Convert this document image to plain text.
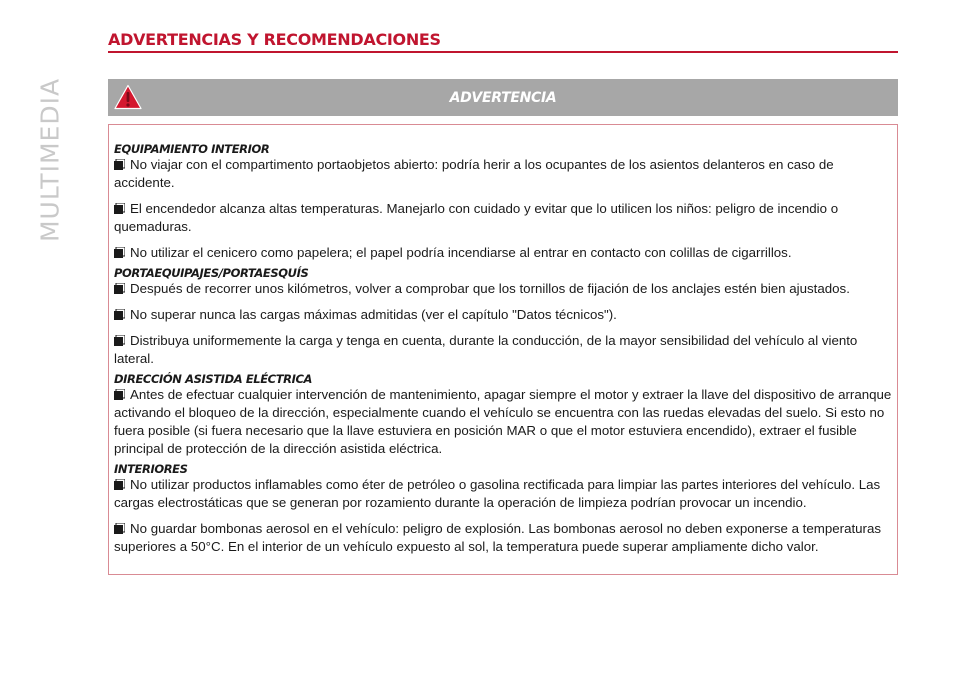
MULTIMEDIA
ADVERTENCIAS Y RECOMENDACIONES
ADVERTENCIA
EQUIPAMIENTO INTERIOR

No viajar con el compartimento portaobjetos abierto: podría herir a los ocupantes de los asientos delanteros en caso de accidente.

El encendedor alcanza altas temperaturas. Manejarlo con cuidado y evitar que lo utilicen los niños: peligro de incendio o quemaduras.

No utilizar el cenicero como papelera; el papel podría incendiarse al entrar en contacto con colillas de cigarrillos.

PORTAEQUIPAJES/PORTAESQUÍS

Después de recorrer unos kilómetros, volver a comprobar que los tornillos de fijación de los anclajes estén bien ajustados.

No superar nunca las cargas máximas admitidas (ver el capítulo "Datos técnicos").

Distribuya uniformemente la carga y tenga en cuenta, durante la conducción, de la mayor sensibilidad del vehículo al viento lateral.

DIRECCIÓN ASISTIDA ELÉCTRICA

Antes de efectuar cualquier intervención de mantenimiento, apagar siempre el motor y extraer la llave del dispositivo de arranque activando el bloqueo de la dirección, especialmente cuando el vehículo se encuentra con las ruedas elevadas del suelo. Si esto no fuera posible (si fuera necesario que la llave estuviera en posición MAR o que el motor estuviera encendido), extraer el fusible principal de protección de la dirección asistida eléctrica.

INTERIORES

No utilizar productos inflamables como éter de petróleo o gasolina rectificada para limpiar las partes interiores del vehículo. Las cargas electrostáticas que se generan por rozamiento durante la operación de limpieza podrían provocar un incendio.

No guardar bombonas aerosol en el vehículo: peligro de explosión. Las bombonas aerosol no deben exponerse a temperaturas superiores a 50°C. En el interior de un vehículo expuesto al sol, la temperatura puede superar ampliamente dicho valor.
